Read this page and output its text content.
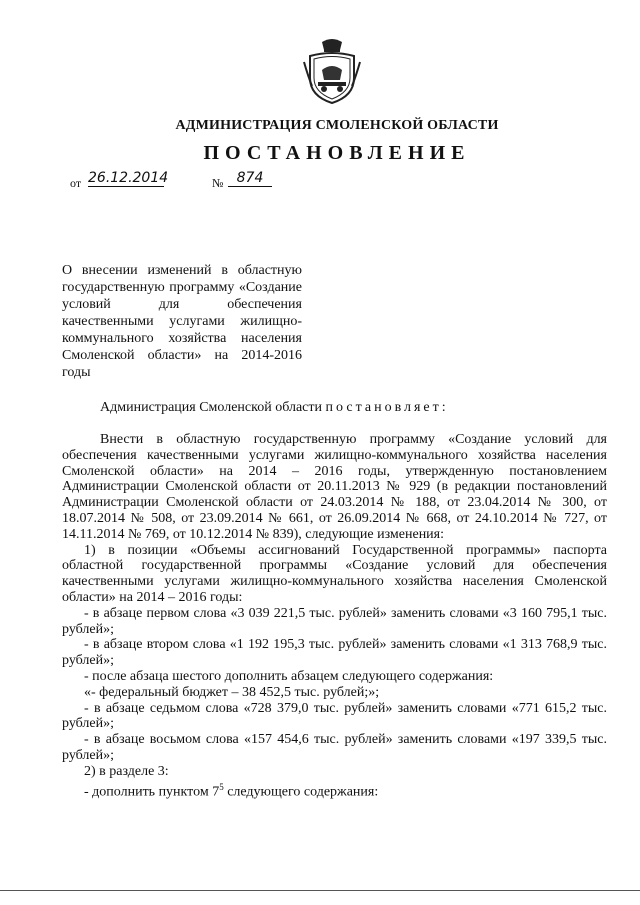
АДМИНИСТРАЦИЯ СМОЛЕНСКОЙ ОБЛАСТИ
ПОСТАНОВЛЕНИЕ
от 26.12.2014	№ 874
О внесении изменений в областную государственную программу «Создание условий для обеспечения качественными услугами жилищно-коммунального хозяйства населения Смоленской области» на 2014-2016 годы
Администрация Смоленской области постановляет:

Внести в областную государственную программу «Создание условий для обеспечения качественными услугами жилищно-коммунального хозяйства населения Смоленской области» на 2014 – 2016 годы, утвержденную постановлением Администрации Смоленской области от 20.11.2013 № 929 (в редакции постановлений Администрации Смоленской области от 24.03.2014 № 188, от 23.04.2014 № 300, от 18.07.2014 № 508, от 23.09.2014 № 661, от 26.09.2014 № 668, от 24.10.2014 № 727, от 14.11.2014 № 769, от 10.12.2014 № 839), следующие изменения:

1) в позиции «Объемы ассигнований Государственной программы» паспорта областной государственной программы «Создание условий для обеспечения качественными услугами жилищно-коммунального хозяйства населения Смоленской области» на 2014 – 2016 годы:

- в абзаце первом слова «3 039 221,5 тыс. рублей» заменить словами «3 160 795,1 тыс. рублей»;

- в абзаце втором слова «1 192 195,3 тыс. рублей» заменить словами «1 313 768,9 тыс. рублей»;

- после абзаца шестого дополнить абзацем следующего содержания:

«- федеральный бюджет – 38 452,5 тыс. рублей;»;

- в абзаце седьмом слова «728 379,0 тыс. рублей» заменить словами «771 615,2 тыс. рублей»;

- в абзаце восьмом слова «157 454,6 тыс. рублей» заменить словами «197 339,5 тыс. рублей»;

2) в разделе 3:

- дополнить пунктом $7^5$ следующего содержания:
